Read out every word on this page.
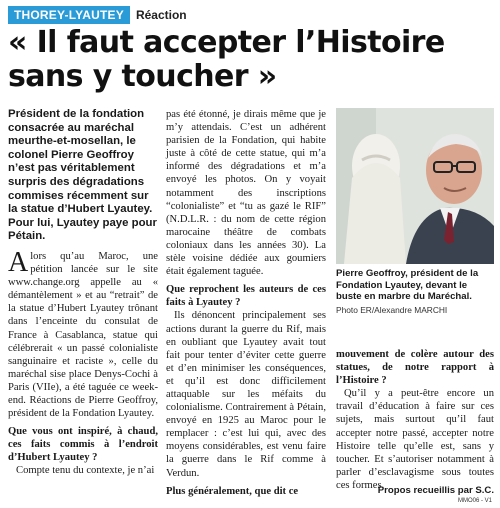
THOREY-LYAUTEY	Réaction
« Il faut accepter l’Histoire
sans y toucher »

Président de la fondation consacrée au maréchal meurthe-et-mosellan, le colonel Pierre Geoffroy n’est pas véritablement surpris des dégradations commises récemment sur la statue d’Hubert Lyautey. Pour lui, Lyautey paye pour Pétain.

Alors qu’au Maroc, une pétition lancée sur le site www.change.org appelle au « démantèlement » et au “retrait” de la statue d’Hubert Lyautey trônant dans l’enceinte du consulat de France à Casablanca, statue qui célébrerait « un passé colonialiste sanguinaire et raciste », celle du maréchal sise place Denys-Cochi à Paris (VIIe), a été taguée ce week-end. Réactions de Pierre Geoffroy, président de la Fondation Lyautey.

Que vous ont inspiré, à chaud, ces faits commis à l’endroit d’Hubert Lyautey ?

Compte tenu du contexte, je n’ai

pas été étonné, je dirais même que je m’y attendais. C’est un adhérent parisien de la Fondation, qui habite juste à côté de cette statue, qui m’a informé des dégradations et m’a envoyé les photos. On y voyait notamment des inscriptions “colonialiste” et “tu as gazé le RIF” (N.D.L.R. : du nom de cette région marocaine théâtre de combats coloniaux dans les années 30). La stèle voisine dédiée aux goumiers était également taguée.

Que reprochent les auteurs de ces faits à Lyautey ?

Ils dénoncent principalement ses actions durant la guerre du Rif, mais en oubliant que Lyautey avait tout fait pour tenter d’éviter cette guerre et d’en minimiser les conséquences, et qu’il est donc difficilement attaquable sur les méfaits du colonialisme. Contrairement à Pétain, envoyé en 1925 au Maroc pour le remplacer : c’est lui qui, avec des moyens considérables, est venu faire la guerre dans le Rif comme à Verdun.

Plus généralement, que dit ce

Pierre Geoffroy, président de la Fondation Lyautey, devant le buste en marbre du Maréchal.
Photo ER/Alexandre MARCHI

mouvement de colère autour des statues, de notre rapport à l’Histoire ?

Qu’il y a peut-être encore un travail d’éducation à faire sur ces sujets, mais surtout qu’il faut accepter notre passé, accepter notre Histoire telle qu’elle est, sans y toucher. Et s’autoriser notamment à parler d’esclavagisme sous toutes ces formes.

Propos recueillis par S.C.
MMO06 - V1
